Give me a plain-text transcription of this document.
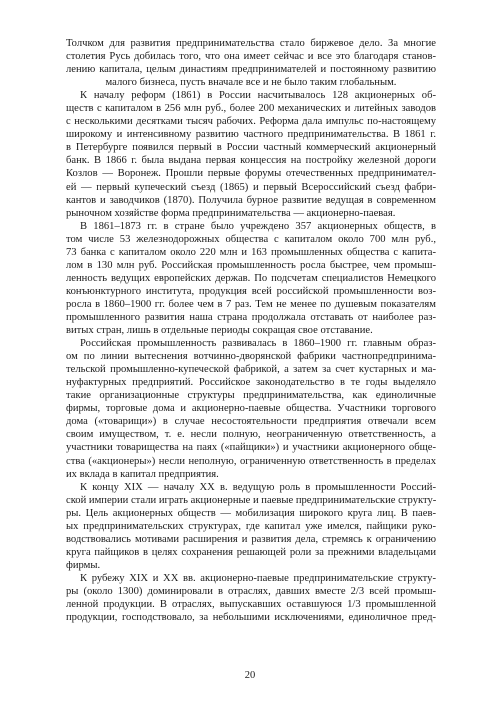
Толчком для развития предпринимательства стало биржевое дело. За многие
столетия Русь добилась того, что она имеет сейчас и все это благодаря станов-
лению капитала, целым династиям предпринимателей и постоянному развитию
малого бизнеса, пусть вначале все и не было таким глобальным.
К началу реформ (1861) в России насчитывалось 128 акционерных об-
ществ с капиталом в 256 млн руб., более 200 механических и литейных заводов
с несколькими десятками тысяч рабочих. Реформа дала импульс по-настоящему
широкому и интенсивному развитию частного предпринимательства. В 1861 г.
в Петербурге появился первый в России частный коммерческий акционерный
банк. В 1866 г. была выдана первая концессия на постройку железной дороги
Козлов — Воронеж. Прошли первые форумы отечественных предпринимател-
ей — первый купеческий съезд (1865) и первый Всероссийский съезд фабри-
кантов и заводчиков (1870). Получила бурное развитие ведущая в современном
рыночном хозяйстве форма предпринимательства — акционерно-паевая.
В 1861–1873 гг. в стране было учреждено 357 акционерных обществ, в
том числе 53 железнодорожных общества с капиталом около 700 млн руб.,
73 банка с капиталом около 220 млн и 163 промышленных общества с капита-
лом в 130 млн руб. Российская промышленность росла быстрее, чем промыш-
ленность ведущих европейских держав. По подсчетам специалистов Немецкого
конъюнктурного института, продукция всей российской промышленности воз-
росла в 1860–1900 гг. более чем в 7 раз. Тем не менее по душевым показателям
промышленного развития наша страна продолжала отставать от наиболее раз-
витых стран, лишь в отдельные периоды сокращая свое отставание.
Российская промышленность развивалась в 1860–1900 гг. главным образ-
ом по линии вытеснения вотчинно-дворянской фабрики частнопредпринима-
тельской промышленно-купеческой фабрикой, а затем за счет кустарных и ма-
нуфактурных предприятий. Российское законодательство в те годы выделяло
такие организационные структуры предпринимательства, как единоличные
фирмы, торговые дома и акционерно-паевые общества. Участники торгового
дома («товарищи») в случае несостоятельности предприятия отвечали всем
своим имуществом, т. е. несли полную, неограниченную ответственность, а
участники товарищества на паях («пайщики») и участники акционерного обще-
ства («акционеры») несли неполную, ограниченную ответственность в пределах
их вклада в капитал предприятия.
К концу XIX — началу XX в. ведущую роль в промышленности Россий-
ской империи стали играть акционерные и паевые предпринимательские структу-
ры. Цель акционерных обществ — мобилизация широкого круга лиц. В паев-
ых предпринимательских структурах, где капитал уже имелся, пайщики руко-
водствовались мотивами расширения и развития дела, стремясь к ограничению
круга пайщиков в целях сохранения решающей роли за прежними владельцами
фирмы.
К рубежу XIX и XX вв. акционерно-паевые предпринимательские структу-
ры (около 1300) доминировали в отраслях, давших вместе 2/3 всей промыш-
ленной продукции. В отраслях, выпускавших оставшуюся 1/3 промышленной
продукции, господствовало, за небольшими исключениями, единоличное пред-
20
